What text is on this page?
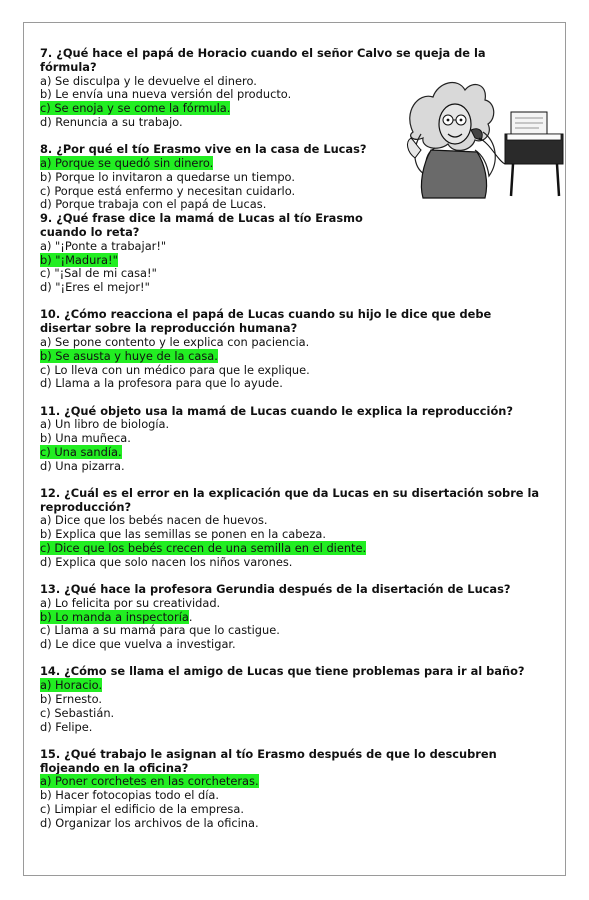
7. ¿Qué hace el papá de Horacio cuando el señor Calvo se queja de la fórmula?
a) Se disculpa y le devuelve el dinero.
b) Le envía una nueva versión del producto.
c) Se enoja y se come la fórmula.
d) Renuncia a su trabajo.
8. ¿Por qué el tío Erasmo vive en la casa de Lucas?
a) Porque se quedó sin dinero.
b) Porque lo invitaron a quedarse un tiempo.
c) Porque está enfermo y necesitan cuidarlo.
d) Porque trabaja con el papá de Lucas.
9. ¿Qué frase dice la mamá de Lucas al tío Erasmo cuando lo reta?
a) "¡Ponte a trabajar!"
b) "¡Madura!"
c) "¡Sal de mi casa!"
d) "¡Eres el mejor!"
10. ¿Cómo reacciona el papá de Lucas cuando su hijo le dice que debe disertar sobre la reproducción humana?
a) Se pone contento y le explica con paciencia.
b) Se asusta y huye de la casa.
c) Lo lleva con un médico para que le explique.
d) Llama a la profesora para que lo ayude.
11. ¿Qué objeto usa la mamá de Lucas cuando le explica la reproducción?
a) Un libro de biología.
b) Una muñeca.
c) Una sandía.
d) Una pizarra.
12. ¿Cuál es el error en la explicación que da Lucas en su disertación sobre la reproducción?
a) Dice que los bebés nacen de huevos.
b) Explica que las semillas se ponen en la cabeza.
c) Dice que los bebés crecen de una semilla en el diente.
d) Explica que solo nacen los niños varones.
13. ¿Qué hace la profesora Gerundia después de la disertación de Lucas?
a) Lo felicita por su creatividad.
b) Lo manda a inspectoría.
c) Llama a su mamá para que lo castigue.
d) Le dice que vuelva a investigar.
14. ¿Cómo se llama el amigo de Lucas que tiene problemas para ir al baño?
a) Horacio.
b) Ernesto.
c) Sebastián.
d) Felipe.
15. ¿Qué trabajo le asignan al tío Erasmo después de que lo descubren flojeando en la oficina?
a) Poner corchetes en las corcheteras.
b) Hacer fotocopias todo el día.
c) Limpiar el edificio de la empresa.
d) Organizar los archivos de la oficina.
